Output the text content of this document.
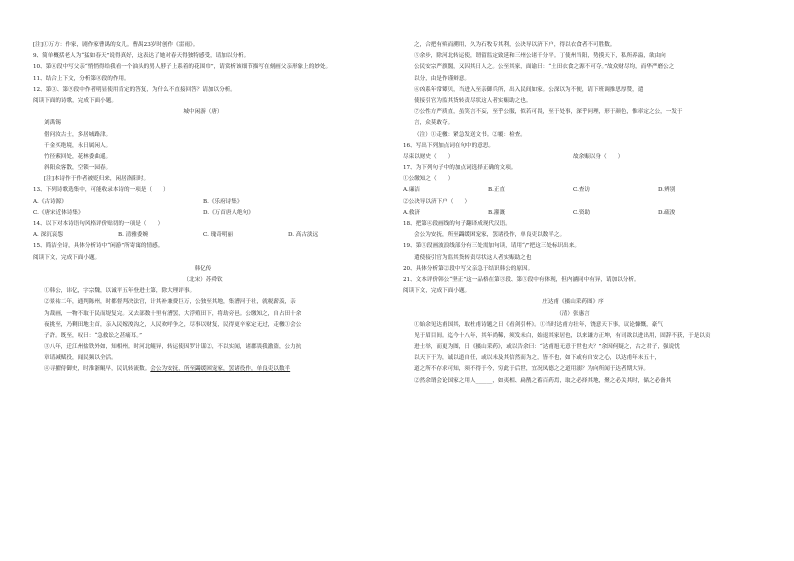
[注]①万方：作家，剧作家曹禺的女儿。曹禺23岁时创作《雷雨》。
9、简单概括老人为“猛如春天”说得真好，这表达了她对春天得独特感受，请加以分析。
10、第⑥段中写父亲“悄悄得给我看一个油头的男人脖子上系着的花围巾”，请赏析该细节描写在刻画父亲形象上的妙处。
11、结合上下文，分析第⑧段的作用。
12、第③、第⑨段中作者明显使用肯定的答复，为什么不直接回答？请加以分析。
阅读下面的诗歌，完成下面小题。
城中闲游（唐）
刘禹锡
借问汝古士，多居城路津。
千金买绝境，永日属闲人。
竹径萦回处，花林委曲遥。
斜阳众客散，空锁一园春。
[注]本诗作于作者被贬归来，闲居洛阳时。
13、下列诗歌选集中，可能收录本诗的一项是（　　）
A.《古诗源》	B.《乐府诗集》
C.《唐宋近体诗集》	D.《万首唐人绝句》
14、以下对本诗语句风格评价贴切的一项是（　　）
A. 深沉哀怨	B. 清雅委婉	C. 瑰奇明丽	D. 高古淡远
15、简洁全诗，具体分析诗中“闲游”所寄寓的情感。
阅读下文，完成下面小题。
韩亿传
（北宋）苏舜钦
①韩公，讳亿，字宗魏，以诚平五年登进士第，除大理评事。
②景祐二年，通判陈州，时都督判决法官，计其补兼费巨万，公独至其地，集漕河于社，就税薪羡，亲
为裁画，一物不取于民而堤复完。又去部数十里有漕罢，大浮殖田下，将劫旁邑。公缴知之，自占田十余
夜挑至，乃剩田地主首，亲入民嫁浚沟之，人民欢呼争之，尽事以财复，民得更辛家定无过，走檄①会公
子許。既至，叹曰：“急救讼之甚痛耳。”
③八年，迁江州盐铁外如，知相州。时河北鲲异，转运使因罗计谋②，不以实闻，诸郡畏我激盗，公力抗
章请减赋役，闻民频以全活。
④寻擢侍御史，时淮浙鲲早，民讥转流数。会公为安抚，所至蠲缓困宠家，罢诸役作，单良吏以数半
之，合把有殡而溯用，久为石牧专其利，公决导以济下户，得以衣食者不可胜数。
⑤余步，除河北转运使，谓留监定致延和三州公诸千分平。丁使州当阳，势摸天下，私所养溢，欲由向
公民安宗严旗閣，又囚其日人之。公至其家，面谕曰：“土田衣食之源不可夺。”故众财尽均，而华严磨公之
以分，由是作谨辩意。
⑥凶系年常颦贝，当进入至亲御兵所，出入民间如家。公深以为不便，请下班调推思厚赞，遣
使接引官为监其货转责尽状这人者实赈助之也。
⑦公性方严质直，虽笑言不妄，至乎公服，似若可畏，至于处事，深乎问理，形于颜色，惟率定之公，一发于
言，众莫敢夺。
（注）①走檄：紧急发送文书。②覆：检查。
16、写出下列加点词在句中的意思。
尽束以财史（　　）	故余赈以身（　　）
17、为下列句子中的加点词选择正确的文项。
①公缴知之（　　）
A.廉洁	B.正直	C.查访	D.辨别
②公决导以济下户（　　）
A.救济	B.灌溉	C.资助	D.疏浚
18、把第④段画线的句子翻译成现代汉语。
会公为安抚，所至蠲缓困宠家，罢诸役作，单良吏以数半之。
19、第⑤段画波浪线部分有三处需加句读，请用“/”把这三处标识出来。
遣使接引官为监其货转责尽状这人者实赈助之也
20、具体分析第②段中写父亲急于结识韩公的原因。
21、文本评价韩公“坚正”这一品格在第③段、第⑤段中有体现，但内涵同中有异，请加以分析。
阅读下文，完成下面小题。
庄达甫《摄山采药图》序
（清）张惠言
①始余见达甫国其，取杜甫诗题之日《看剑引杯》。①当时达甫方壮年，饶意天下事，议论慷慨，豪气
见于眉目间。迄今十八年，其年尚稀，须发未白，始退其家居也，以来谦方正坤，有司欲以进出用，固辞不获，于是以贡
进士举，而更为图，日《摄山采药》，或以告余曰：“达甫旭无意于世也夫？”余因何疑之，古之君子，强说忧
以天下于为，诚以道自任，或以未及其信然而为之，皆不也，如下或有自安之心，以达甫年未五十，
道之所不存求可知，须不得于今，穷此于后世，宜况凤德之之道用溺？为向所闻于达者期大异。
②然余谓会论国家之用人______，如夷相、扁鹊之蓄百药焉，取之必择其地，聚之必关其时，储之必备其
